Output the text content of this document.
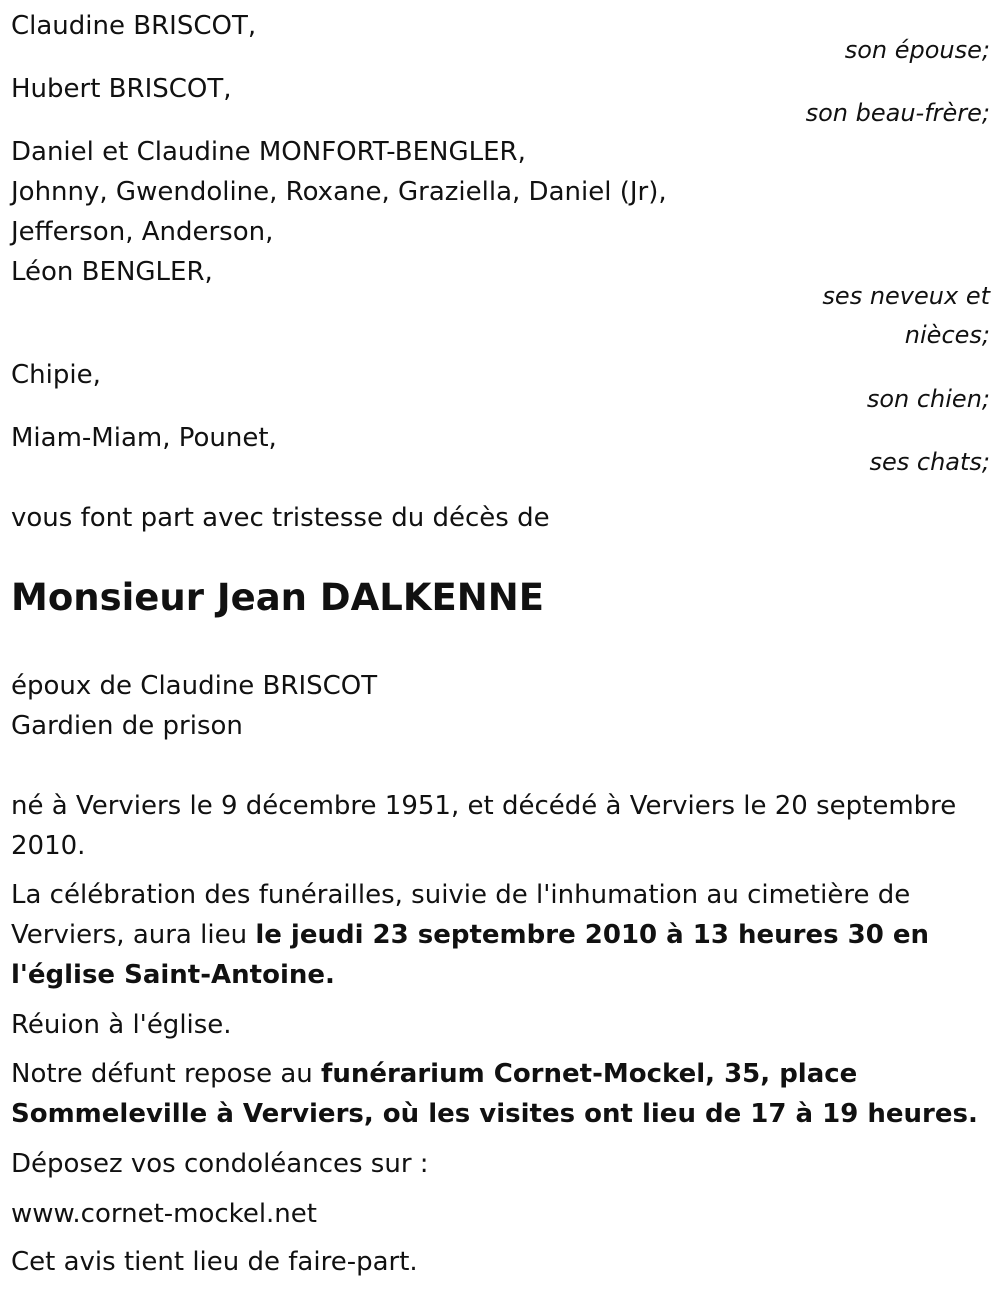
Claudine BRISCOT,
son épouse;
Hubert BRISCOT,
son beau-frère;
Daniel et Claudine MONFORT-BENGLER,
Johnny, Gwendoline, Roxane, Graziella, Daniel (Jr),
Jefferson, Anderson,
Léon BENGLER,
ses neveux et
nièces;
Chipie,
son chien;
Miam-Miam, Pounet,
ses chats;
vous font part avec tristesse du décès de
Monsieur Jean DALKENNE
époux de Claudine BRISCOT
Gardien de prison
né à Verviers le 9 décembre 1951, et décédé à Verviers le 20 septembre 2010.
La célébration des funérailles, suivie de l'inhumation au cimetière de Verviers, aura lieu le jeudi 23 septembre 2010 à 13 heures 30 en l'église Saint-Antoine.
Réuion à l'église.
Notre défunt repose au funérarium Cornet-Mockel, 35, place Sommeleville à Verviers, où les visites ont lieu de 17 à 19 heures.
Déposez vos condoléances sur :
www.cornet-mockel.net
Cet avis tient lieu de faire-part.
